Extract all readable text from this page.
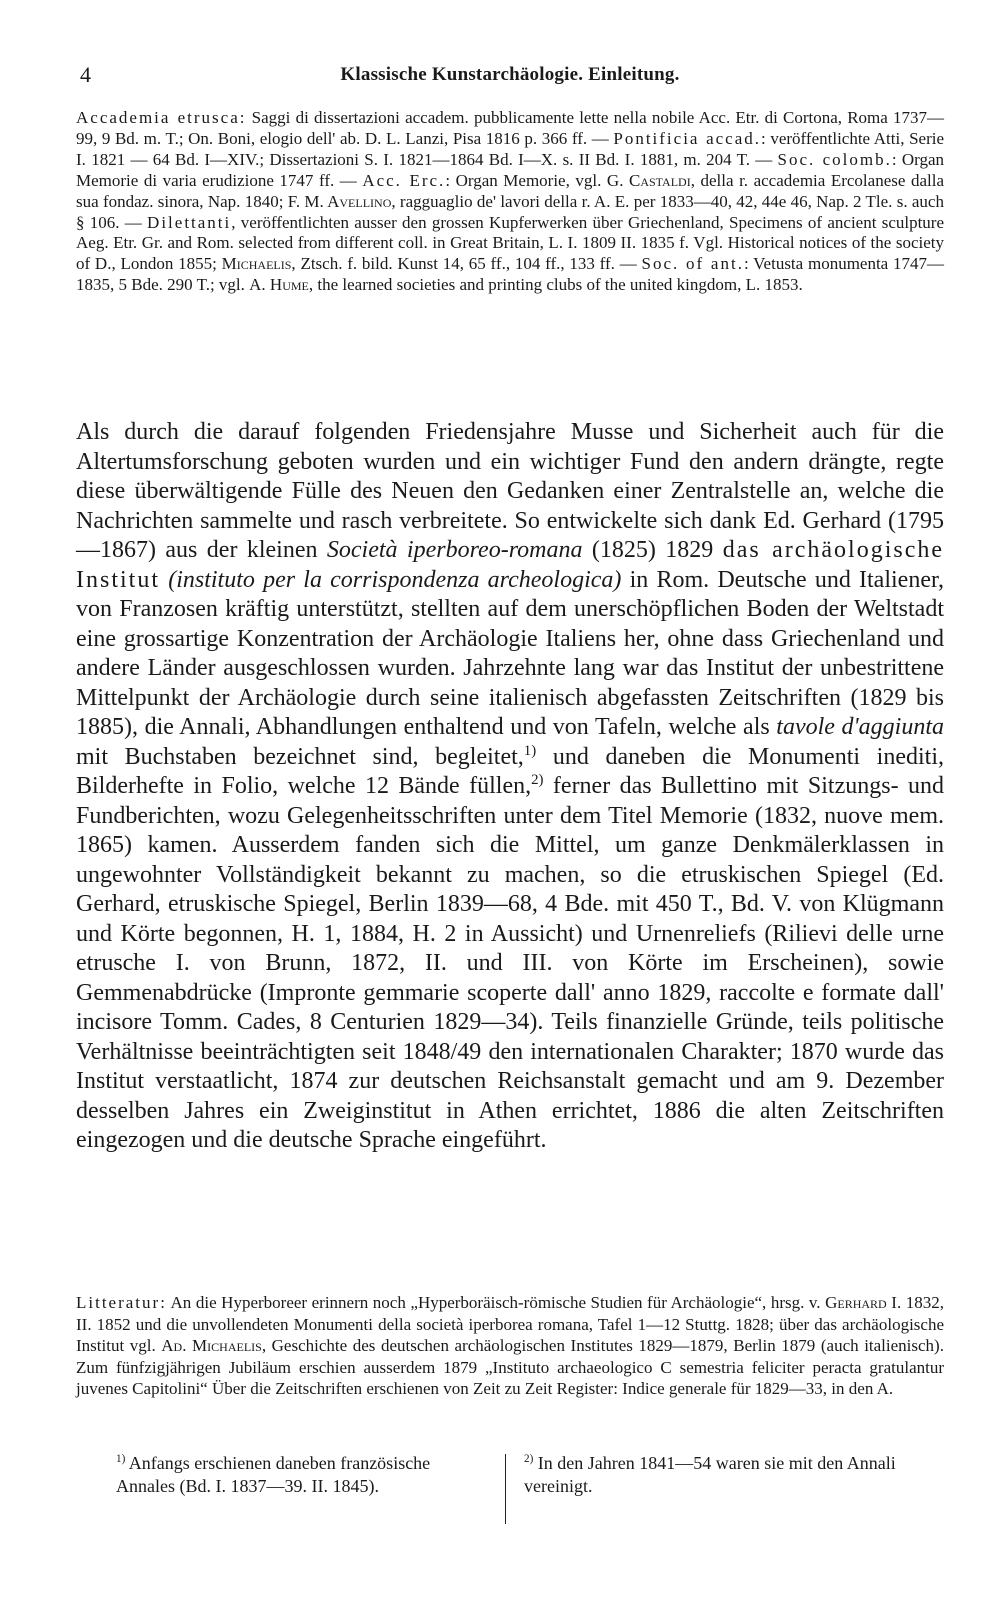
4	Klassische Kunstarchäologie. Einleitung.

Accademia etrusca: Saggi di dissertazioni accadem. pubblicamente lette nella nobile Acc. Etr. di Cortona, Roma 1737—99, 9 Bd. m. T.; On. Boni, elogio dell' ab. D. L. Lanzi, Pisa 1816 p. 366 ff. — Pontificia accad.: veröffentlichte Atti, Serie I. 1821 — 64 Bd. I—XIV.; Dissertazioni S. I. 1821—1864 Bd. I—X. s. II Bd. I. 1881, m. 204 T. — Soc. colomb.: Organ Memorie di varia erudizione 1747 ff. — Acc. Erc.: Organ Memorie, vgl. G. Castaldi, della r. accademia Ercolanese dalla sua fondaz. sinora, Nap. 1840; F. M. Avellino, ragguaglio de' lavori della r. A. E. per 1833—40, 42, 44e 46, Nap. 2 Tle. s. auch § 106. — Dilettanti, veröffentlichten ausser den grossen Kupferwerken über Griechenland, Specimens of ancient sculpture Aeg. Etr. Gr. and Rom. selected from different coll. in Great Britain, L. I. 1809 II. 1835 f. Vgl. Historical notices of the society of D., London 1855; Michaelis, Ztsch. f. bild. Kunst 14, 65 ff., 104 ff., 133 ff. — Soc. of ant.: Vetusta monumenta 1747—1835, 5 Bde. 290 T.; vgl. A. Hume, the learned societies and printing clubs of the united kingdom, L. 1853.

Als durch die darauf folgenden Friedensjahre Musse und Sicherheit auch für die Altertumsforschung geboten wurden und ein wichtiger Fund den andern drängte, regte diese überwältigende Fülle des Neuen den Gedanken einer Zentralstelle an, welche die Nachrichten sammelte und rasch verbreitete. So entwickelte sich dank Ed. Gerhard (1795—1867) aus der kleinen Società iperboreo-romana (1825) 1829 das archäologische Institut (instituto per la corrispondenza archeologica) in Rom. Deutsche und Italiener, von Franzosen kräftig unterstützt, stellten auf dem unerschöpflichen Boden der Weltstadt eine grossartige Konzentration der Archäologie Italiens her, ohne dass Griechenland und andere Länder ausgeschlossen wurden. Jahrzehnte lang war das Institut der unbestrittene Mittelpunkt der Archäologie durch seine italienisch abgefassten Zeitschriften (1829 bis 1885), die Annali, Abhandlungen enthaltend und von Tafeln, welche als tavole d'aggiunta mit Buchstaben bezeichnet sind, begleitet,$^{1)}$ und daneben die Monumenti inediti, Bilderhefte in Folio, welche 12 Bände füllen,$^{2)}$ ferner das Bullettino mit Sitzungs- und Fundberichten, wozu Gelegenheitsschriften unter dem Titel Memorie (1832, nuove mem. 1865) kamen. Ausserdem fanden sich die Mittel, um ganze Denkmälerklassen in ungewohnter Vollständigkeit bekannt zu machen, so die etruskischen Spiegel (Ed. Gerhard, etruskische Spiegel, Berlin 1839—68, 4 Bde. mit 450 T., Bd. V. von Klügmann und Körte begonnen, H. 1, 1884, H. 2 in Aussicht) und Urnenreliefs (Rilievi delle urne etrusche I. von Brunn, 1872, II. und III. von Körte im Erscheinen), sowie Gemmenabdrücke (Impronte gemmarie scoperte dall' anno 1829, raccolte e formate dall' incisore Tomm. Cades, 8 Centurien 1829—34). Teils finanzielle Gründe, teils politische Verhältnisse beeinträchtigten seit 1848/49 den internationalen Charakter; 1870 wurde das Institut verstaatlicht, 1874 zur deutschen Reichsanstalt gemacht und am 9. Dezember desselben Jahres ein Zweiginstitut in Athen errichtet, 1886 die alten Zeitschriften eingezogen und die deutsche Sprache eingeführt.

Litteratur: An die Hyperboreer erinnern noch „Hyperboräisch-römische Studien für Archäologie“, hrsg. v. Gerhard I. 1832, II. 1852 und die unvollendeten Monumenti della società iperborea romana, Tafel 1—12 Stuttg. 1828; über das archäologische Institut vgl. Ad. Michaelis, Geschichte des deutschen archäologischen Institutes 1829—1879, Berlin 1879 (auch italienisch). Zum fünfzigjährigen Jubiläum erschien ausserdem 1879 „Instituto archaeologico C semestria feliciter peracta gratulantur juvenes Capitolini“ Über die Zeitschriften erschienen von Zeit zu Zeit Register: Indice generale für 1829—33, in den A.

$^{1)}$ Anfangs erschienen daneben französische Annales (Bd. I. 1837—39. II. 1845).
$^{2)}$ In den Jahren 1841—54 waren sie mit den Annali vereinigt.
